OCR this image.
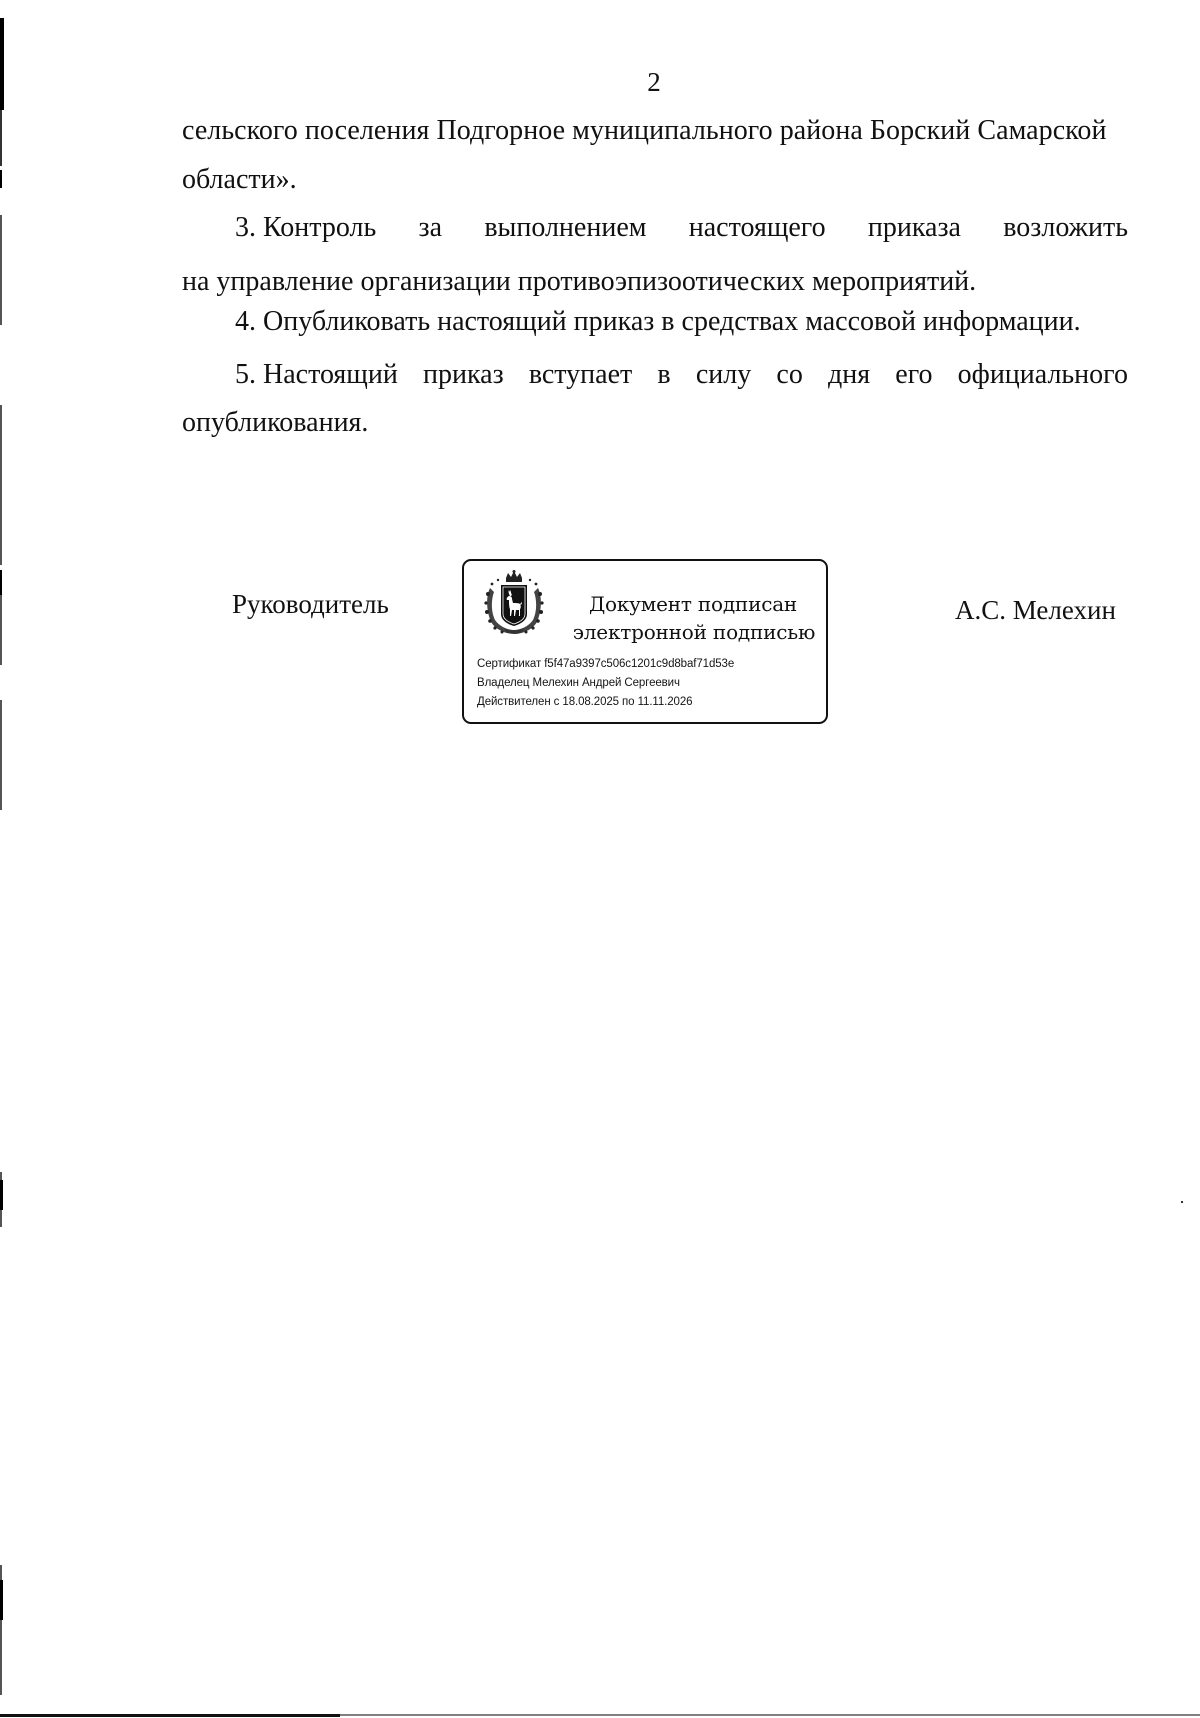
2
сельского поселения Подгорное муниципального района Борский Самарской
области».
3. Контроль за выполнением настоящего приказа возложить
на управление организации противоэпизоотических мероприятий.
4. Опубликовать настоящий приказ в средствах массовой информации.
5. Настоящий приказ вступает в силу со дня его официального
опубликования.
Руководитель	Документ подписан
электронной подписью
Сертификат f5f47a9397c506c1201c9d8baf71d53e
Владелец Мелехин Андрей Сергеевич
Действителен с 18.08.2025 по 11.11.2026
А.С. Мелехин
